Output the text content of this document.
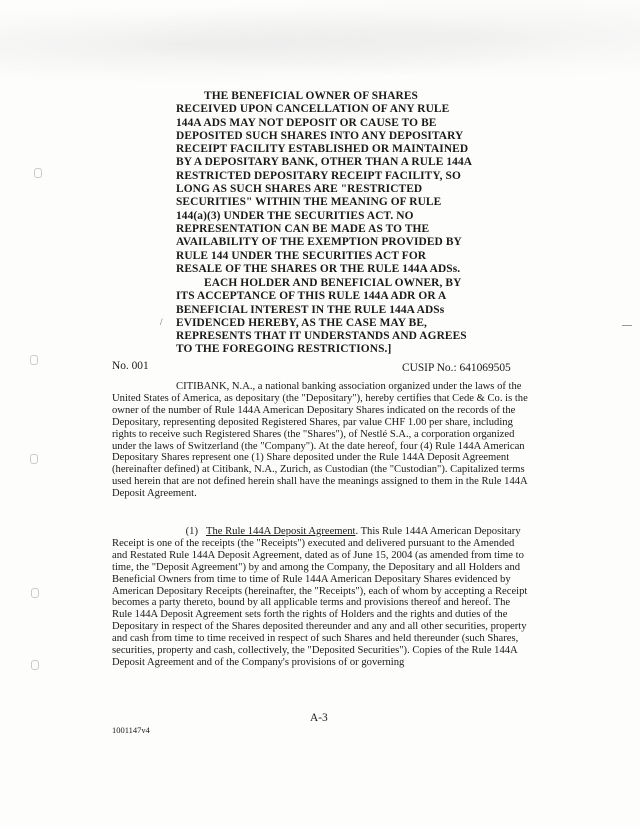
THE BENEFICIAL OWNER OF SHARES RECEIVED UPON CANCELLATION OF ANY RULE 144A ADS MAY NOT DEPOSIT OR CAUSE TO BE DEPOSITED SUCH SHARES INTO ANY DEPOSITARY RECEIPT FACILITY ESTABLISHED OR MAINTAINED BY A DEPOSITARY BANK, OTHER THAN A RULE 144A RESTRICTED DEPOSITARY RECEIPT FACILITY, SO LONG AS SUCH SHARES ARE "RESTRICTED SECURITIES" WITHIN THE MEANING OF RULE 144(a)(3) UNDER THE SECURITIES ACT. NO REPRESENTATION CAN BE MADE AS TO THE AVAILABILITY OF THE EXEMPTION PROVIDED BY RULE 144 UNDER THE SECURITIES ACT FOR RESALE OF THE SHARES OR THE RULE 144A ADSs.

/

EACH HOLDER AND BENEFICIAL OWNER, BY ITS ACCEPTANCE OF THIS RULE 144A ADR OR A BENEFICIAL INTEREST IN THE RULE 144A ADSs EVIDENCED HEREBY, AS THE CASE MAY BE, REPRESENTS THAT IT UNDERSTANDS AND AGREES TO THE FOREGOING RESTRICTIONS.]

No. 001	CUSIP No.: 641069505

CITIBANK, N.A., a national banking association organized under the laws of the United States of America, as depositary (the "Depositary"), hereby certifies that Cede & Co. is the owner of the number of Rule 144A American Depositary Shares indicated on the records of the Depositary, representing deposited Registered Shares, par value CHF 1.00 per share, including rights to receive such Registered Shares (the "Shares"), of Nestlé S.A., a corporation organized under the laws of Switzerland (the "Company"). At the date hereof, four (4) Rule 144A American Depositary Shares represent one (1) Share deposited under the Rule 144A Deposit Agreement (hereinafter defined) at Citibank, N.A., Zurich, as Custodian (the "Custodian"). Capitalized terms used herein that are not defined herein shall have the meanings assigned to them in the Rule 144A Deposit Agreement.

(1) The Rule 144A Deposit Agreement. This Rule 144A American Depositary Receipt is one of the receipts (the "Receipts") executed and delivered pursuant to the Amended and Restated Rule 144A Deposit Agreement, dated as of June 15, 2004 (as amended from time to time, the "Deposit Agreement") by and among the Company, the Depositary and all Holders and Beneficial Owners from time to time of Rule 144A American Depositary Shares evidenced by American Depositary Receipts (hereinafter, the "Receipts"), each of whom by accepting a Receipt becomes a party thereto, bound by all applicable terms and provisions thereof and hereof. The Rule 144A Deposit Agreement sets forth the rights of Holders and the rights and duties of the Depositary in respect of the Shares deposited thereunder and any and all other securities, property and cash from time to time received in respect of such Shares and held thereunder (such Shares, securities, property and cash, collectively, the "Deposited Securities"). Copies of the Rule 144A Deposit Agreement and of the Company's provisions of or governing

A-3
1001147v4
